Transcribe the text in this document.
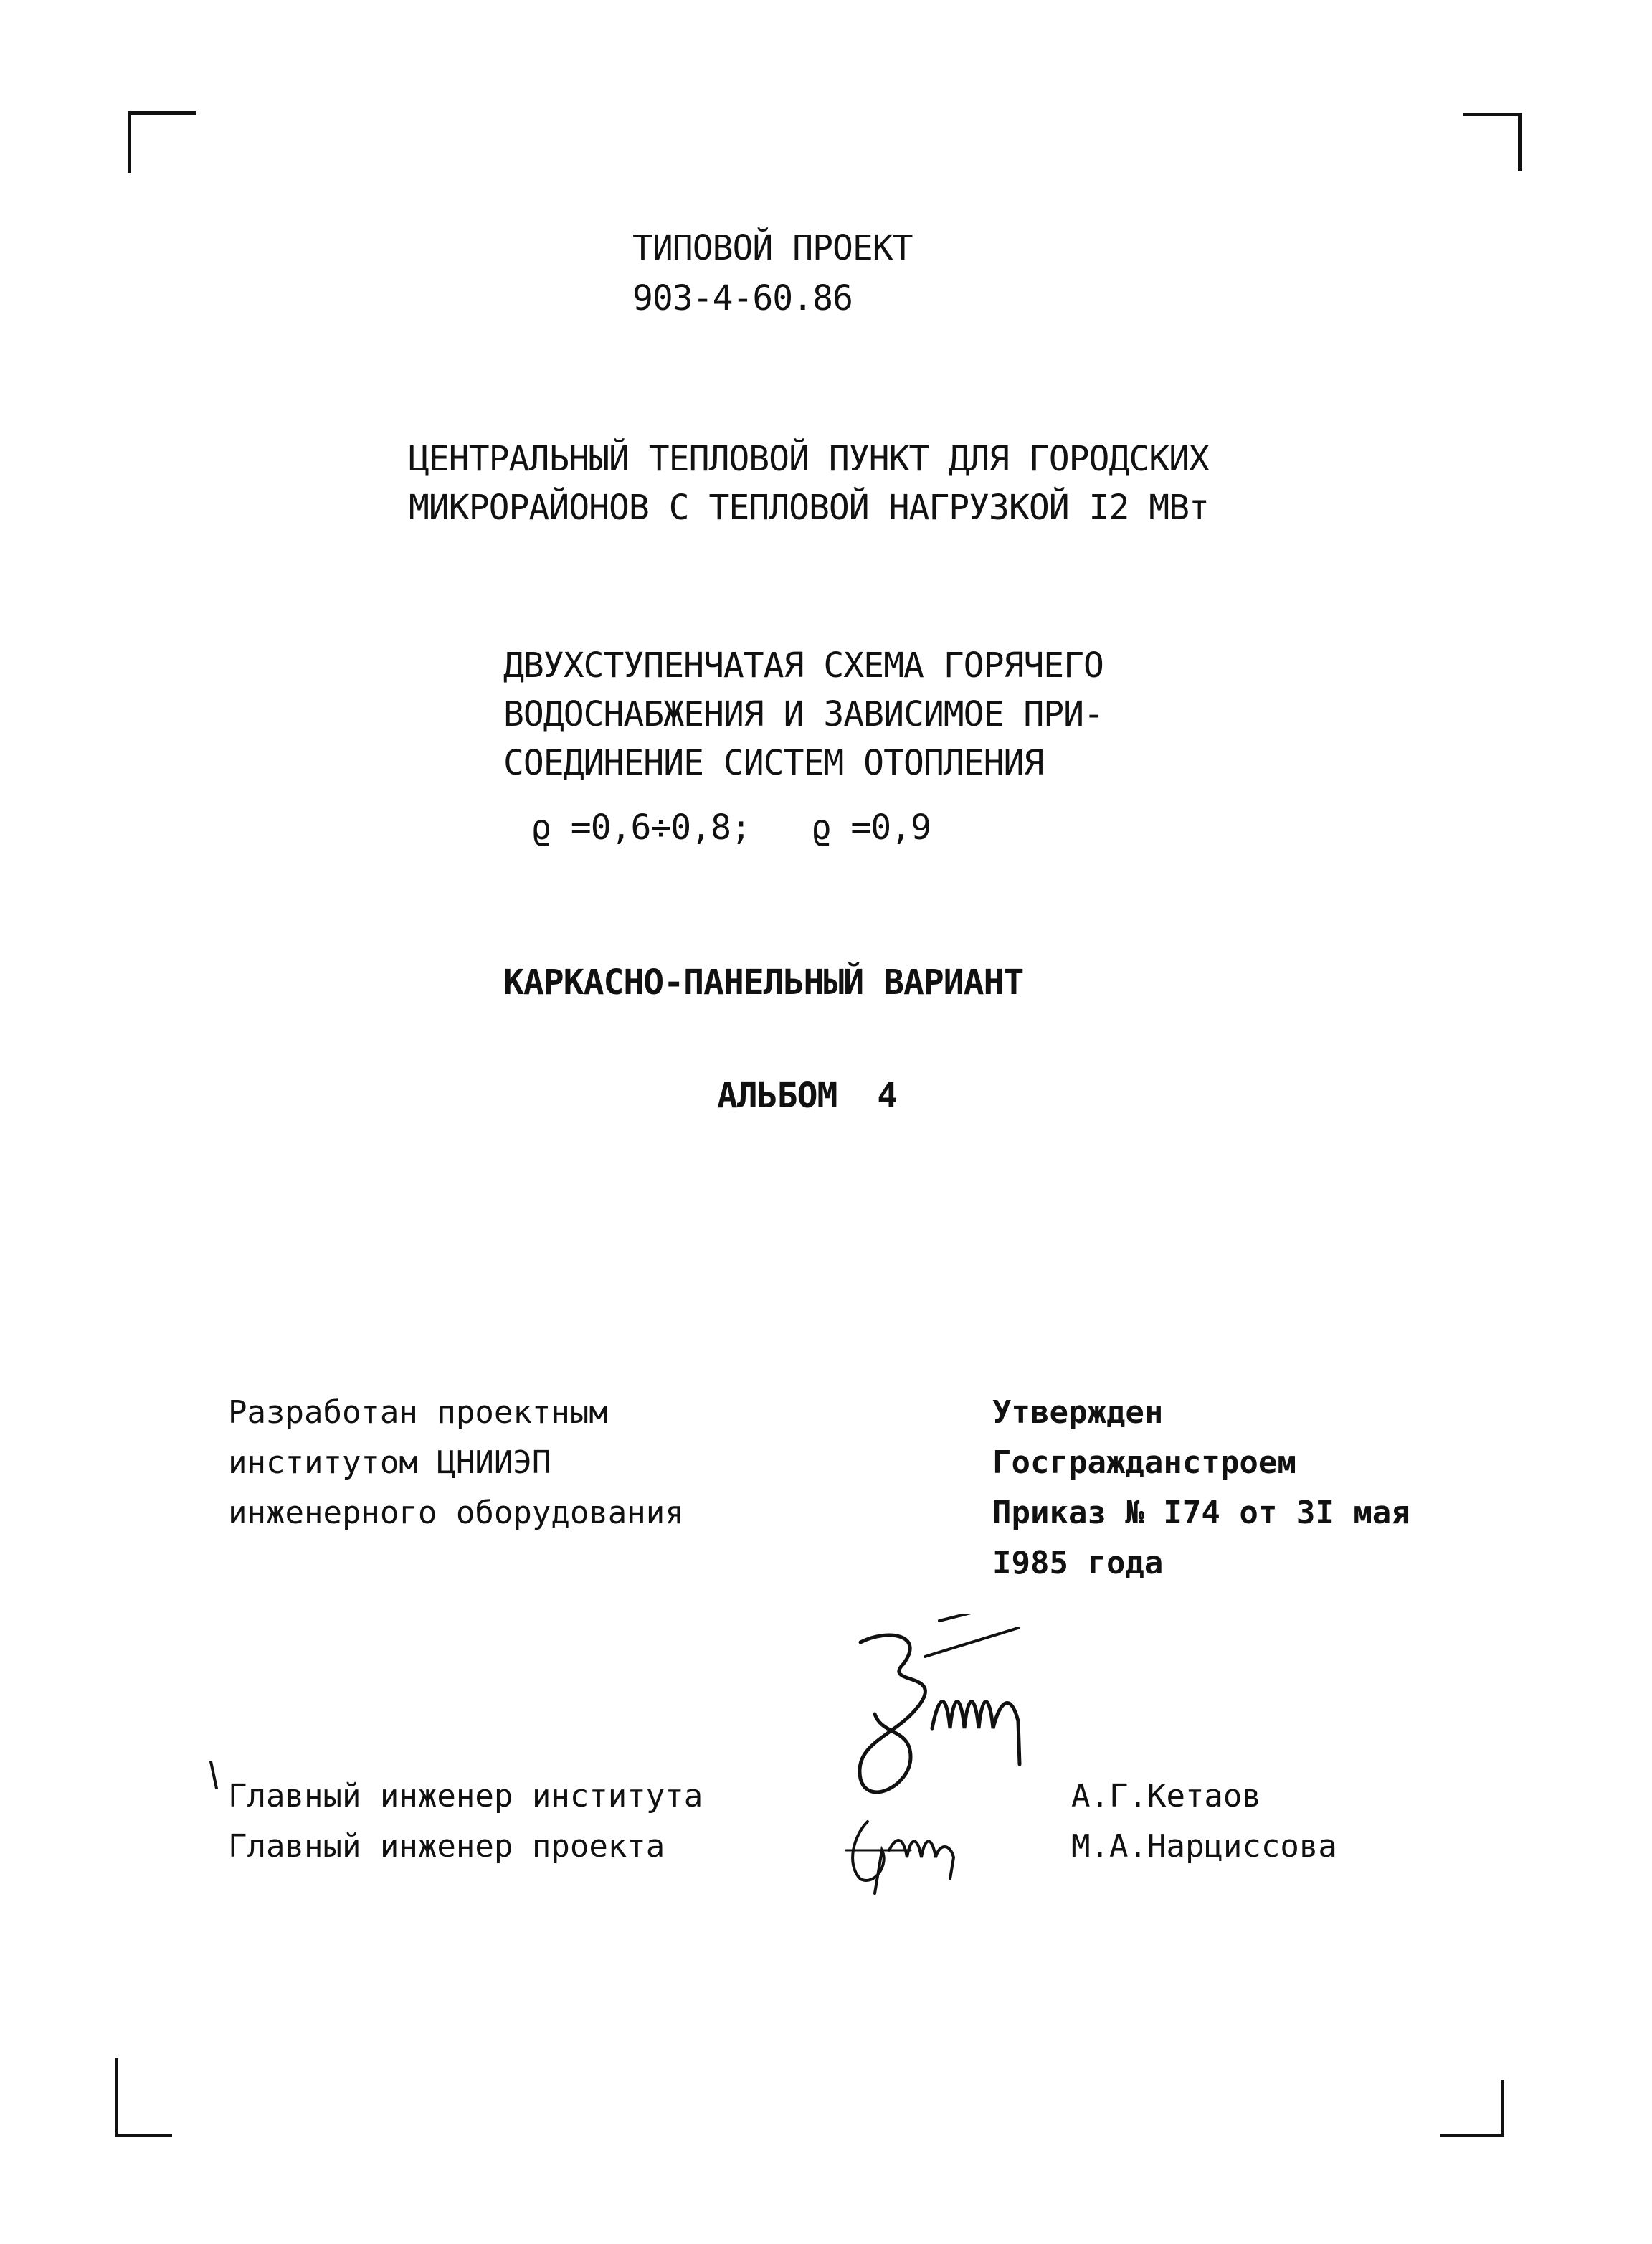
ТИПОВОЙ ПРОЕКТ
903-4-60.86
ЦЕНТРАЛЬНЫЙ ТЕПЛОВОЙ ПУНКТ ДЛЯ ГОРОДСКИХ
МИКРОРАЙОНОВ С ТЕПЛОВОЙ НАГРУЗКОЙ I2 МВт
ДВУХСТУПЕНЧАТАЯ СХЕМА ГОРЯЧЕГО
ВОДОСНАБЖЕНИЯ И ЗАВИСИМОЕ ПРИ-
СОЕДИНЕНИЕ СИСТЕМ ОТОПЛЕНИЯ
ϱ =0,6÷0,8;   ϱ =0,9
КАРКАСНО-ПАНЕЛЬНЫЙ ВАРИАНТ
АЛЬБОМ  4
Разработан проектным
институтом ЦНИИЭП
инженерного оборудования
Утвержден
Госгражданстроем
Приказ № I74 от 3I мая
I985 года
Главный инженер института
Главный инженер проекта
А.Г.Кетаов
М.А.Нарциссова
